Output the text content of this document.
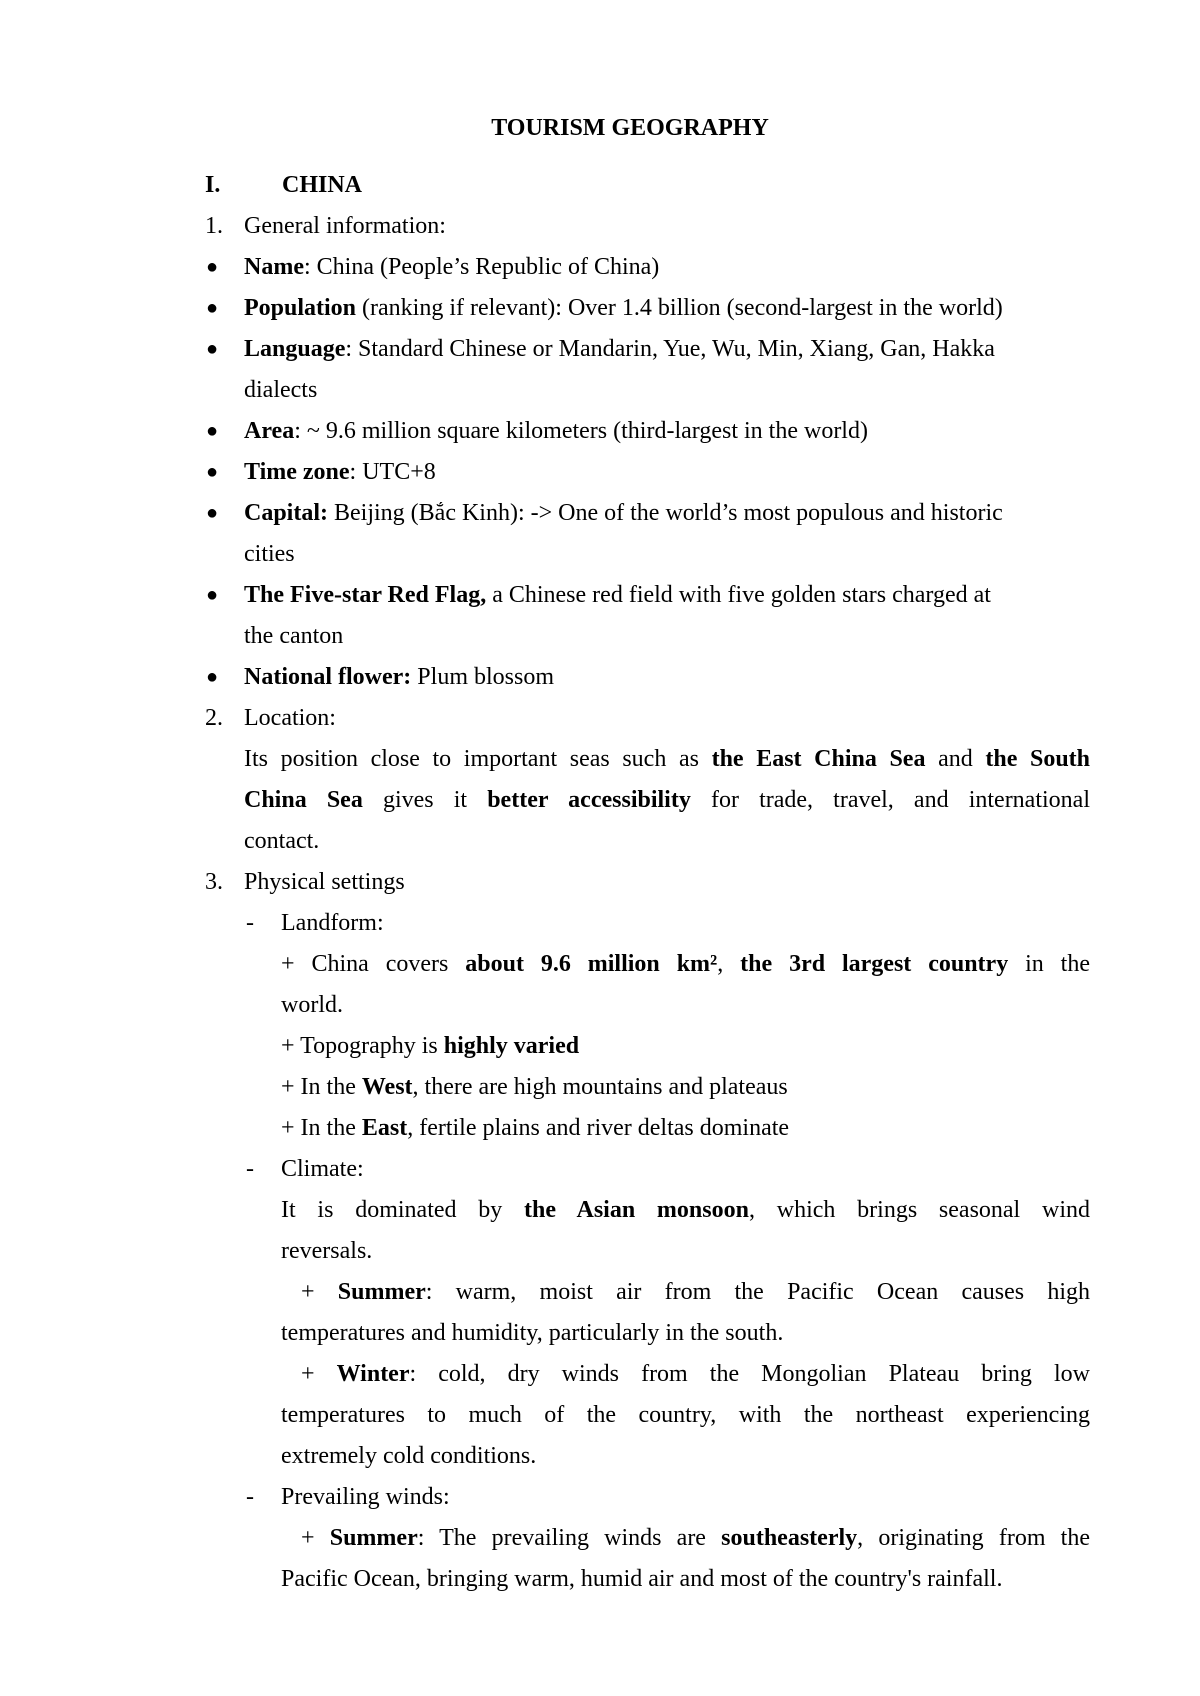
TOURISM GEOGRAPHY
I.	CHINA
1. General information:
● Name: China (People’s Republic of China)
● Population (ranking if relevant): Over 1.4 billion (second-largest in the world)
● Language: Standard Chinese or Mandarin, Yue, Wu, Min, Xiang, Gan, Hakka
dialects
● Area: ~ 9.6 million square kilometers (third-largest in the world)
● Time zone: UTC+8
● Capital: Beijing (Bắc Kinh): -> One of the world’s most populous and historic
cities
● The Five-star Red Flag, a Chinese red field with five golden stars charged at
the canton
● National flower: Plum blossom
2. Location:
Its position close to important seas such as the East China Sea and the South
China Sea gives it better accessibility for trade, travel, and international
contact.
3. Physical settings
- Landform:
+ China covers about 9.6 million km², the 3rd largest country in the
world.
+ Topography is highly varied
+ In the West, there are high mountains and plateaus
+ In the East, fertile plains and river deltas dominate
- Climate:
It is dominated by the Asian monsoon, which brings seasonal wind
reversals.
+ Summer: warm, moist air from the Pacific Ocean causes high
temperatures and humidity, particularly in the south.
+ Winter: cold, dry winds from the Mongolian Plateau bring low
temperatures to much of the country, with the northeast experiencing
extremely cold conditions.
- Prevailing winds:
+ Summer: The prevailing winds are southeasterly, originating from the
Pacific Ocean, bringing warm, humid air and most of the country's rainfall.
